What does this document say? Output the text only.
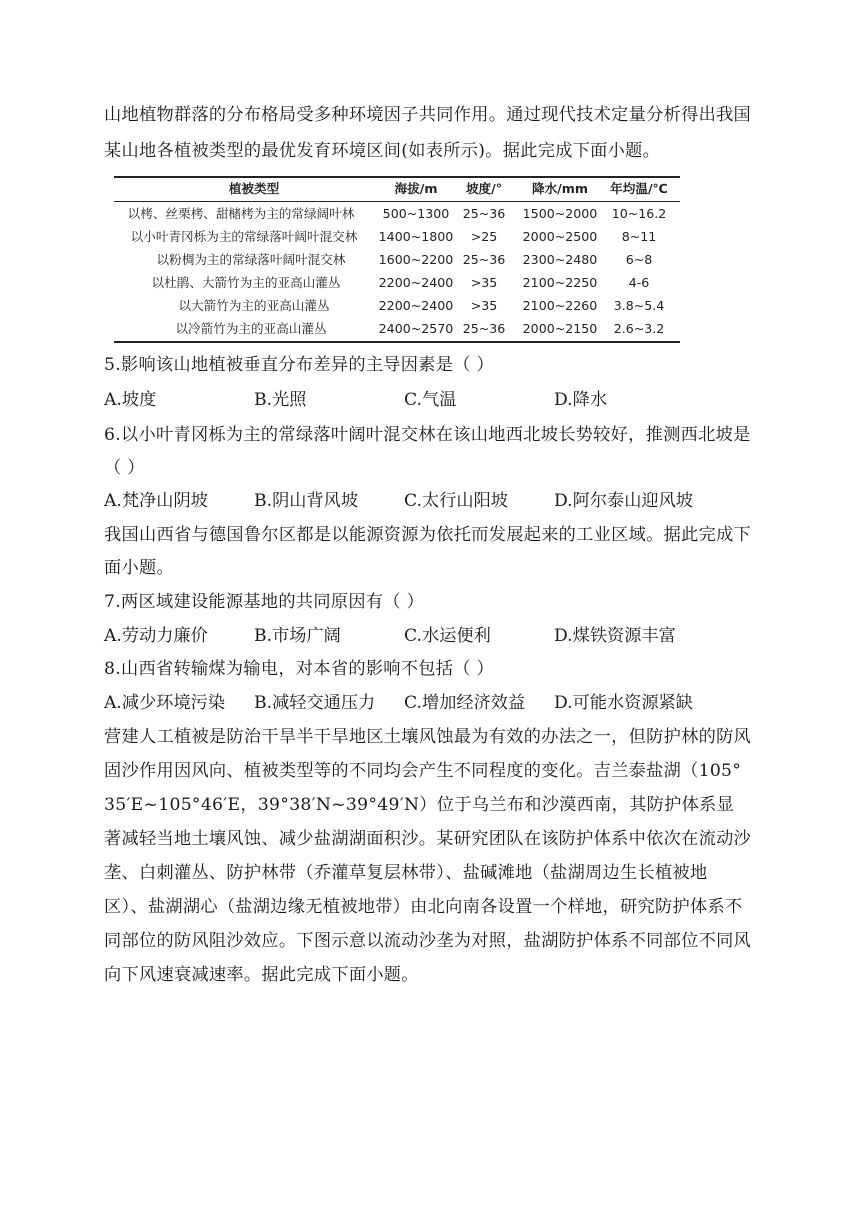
山地植物群落的分布格局受多种环境因子共同作用。通过现代技术定量分析得出我国
某山地各植被类型的最优发育环境区间(如表所示)。据此完成下面小题。
植被类型	海拔/m 坡度/° 降水/mm 年均温/℃
以栲、丝栗栲、甜槠栲为主的常绿阔叶林 500~1300 25~36 1500~2000 10~16.2
以小叶青冈栎为主的常绿落叶阔叶混交林 1400~1800 >25 2000~2500 8~11
以粉椆为主的常绿落叶阔叶混交林	1600~2200 25~36 2300~2480 6~8
以杜鹃、大箭竹为主的亚高山灌丛	2200~2400 >35 2100~2250 4-6
以大箭竹为主的亚高山灌丛	2200~2400 >35 2100~2260 3.8~5.4
以冷箭竹为主的亚高山灌丛	2400~2570 25~36 2000~2150 2.6~3.2
5.影响该山地植被垂直分布差异的主导因素是（ ）
A.坡度	B.光照	C.气温	D.降水
6.以小叶青冈栎为主的常绿落叶阔叶混交林在该山地西北坡长势较好，推测西北坡是
（ ）
A.梵净山阴坡	B.阴山背风坡	C.太行山阳坡	D.阿尔泰山迎风坡
我国山西省与德国鲁尔区都是以能源资源为依托而发展起来的工业区域。据此完成下
面小题。
7.两区域建设能源基地的共同原因有（ ）
A.劳动力廉价	B.市场广阔	C.水运便利	D.煤铁资源丰富
8.山西省转输煤为输电，对本省的影响不包括（ ）
A.减少环境污染 B.减轻交通压力 C.增加经济效益 D.可能水资源紧缺
营建人工植被是防治干旱半干旱地区土壤风蚀最为有效的办法之一，但防护林的防风
固沙作用因风向、植被类型等的不同均会产生不同程度的变化。吉兰泰盐湖（105°
35′E~105°46′E，39°38′N~39°49′N）位于乌兰布和沙漠西南，其防护体系显
著减轻当地土壤风蚀、减少盐湖湖面积沙。某研究团队在该防护体系中依次在流动沙
垄、白刺灌丛、防护林带（乔灌草复层林带）、盐碱滩地（盐湖周边生长植被地
区）、盐湖湖心（盐湖边缘无植被地带）由北向南各设置一个样地，研究防护体系不
同部位的防风阻沙效应。下图示意以流动沙垄为对照，盐湖防护体系不同部位不同风
向下风速衰减速率。据此完成下面小题。
